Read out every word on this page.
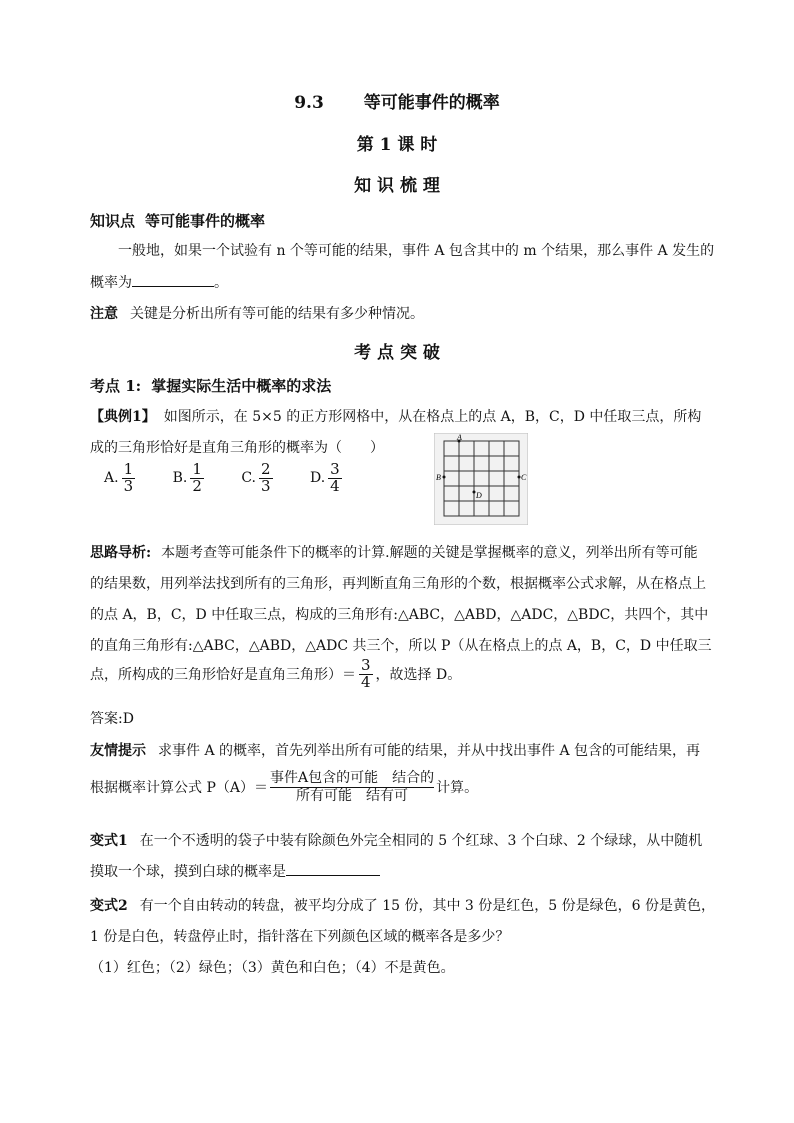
9.3 等可能事件的概率
第 1 课 时
知 识 梳 理
知识点 等可能事件的概率
一般地，如果一个试验有 n 个等可能的结果，事件 A 包含其中的 m 个结果，那么事件 A 发生的
概率为	。
注意 关键是分析出所有等可能的结果有多少种情况。
考 点 突 破
考点 1: 掌握实际生活中概率的求法
【典例1】 如图所示，在 5×5 的正方形网格中，从在格点上的点 A，B，C，D 中任取三点，所构
成的三角形恰好是直角三角形的概率为（　　）
A. $\frac{1}{3}$
	B. $\frac{1}{2}$
	C. $\frac{2}{3}$
	D. $\frac{3}{4}$
A
B	C
D
思路导析: 本题考查等可能条件下的概率的计算.解题的关键是掌握概率的意义，列举出所有等可能
的结果数，用列举法找到所有的三角形，再判断直角三角形的个数，根据概率公式求解，从在格点上
的点 A，B，C，D 中任取三点，构成的三角形有:△ABC，△ABD，△ADC，△BDC，共四个，其中
的直角三角形有:△ABC，△ABD，△ADC 共三个，所以 P（从在格点上的点 A，B，C，D 中任取三
点，所构成的三角形恰好是直角三角形）＝ $\frac{3}{4}$ ，故选择 D。
答案:D
友情提示 求事件 A 的概率，首先列举出所有可能的结果，并从中找出事件 A 包含的可能结果，再
根据概率计算公式 P（A）＝
事件A包含的可能　结合的
所有可能　结有可 计算。
变式1 在一个不透明的袋子中装有除颜色外完全相同的 5 个红球、3 个白球、2 个绿球，从中随机
摸取一个球，摸到白球的概率是
变式2 有一个自由转动的转盘，被平均分成了 15 份，其中 3 份是红色，5 份是绿色，6 份是黄色，
1 份是白色，转盘停止时，指针落在下列颜色区域的概率各是多少？
（1）红色；（2）绿色；（3）黄色和白色；（4）不是黄色。
